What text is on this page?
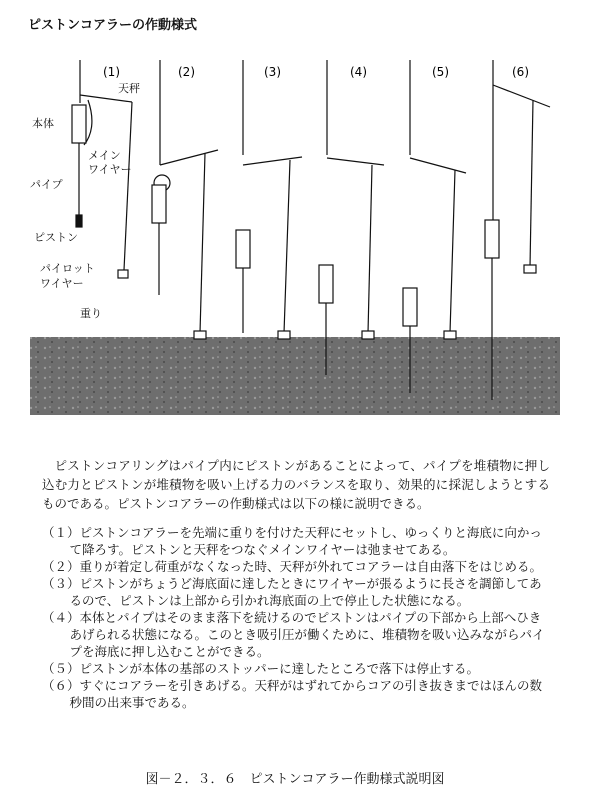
ピストンコアラーの作動様式
(1)	(2)	(3)	(4)	(5)	(6)
天秤
本体
メインワイヤー
パイプ
ピストン
パイロットワイヤー
重り

ピストンコアリングはパイプ内にピストンがあることによって、パイプを堆積物に押し込む力とピストンが堆積物を吸い上げる力のバランスを取り、効果的に採泥しようとするものである。ピストンコアラーの作動様式は以下の様に説明できる。

（１）ピストンコアラーを先端に重りを付けた天秤にセットし、ゆっくりと海底に向かって降ろす。ピストンと天秤をつなぐメインワイヤーは弛ませてある。
（２）重りが着定し荷重がなくなった時、天秤が外れてコアラーは自由落下をはじめる。
（３）ピストンがちょうど海底面に達したときにワイヤーが張るように長さを調節してあるので、ピストンは上部から引かれ海底面の上で停止した状態になる。
（４）本体とパイプはそのまま落下を続けるのでピストンはパイプの下部から上部へひきあげられる状態になる。このとき吸引圧が働くために、堆積物を吸い込みながらパイプを海底に押し込むことができる。
（５）ピストンが本体の基部のストッパーに達したところで落下は停止する。
（６）すぐにコアラーを引きあげる。天秤がはずれてからコアの引き抜きまではほんの数秒間の出来事である。
図－２．３．６　ピストンコアラー作動様式説明図
